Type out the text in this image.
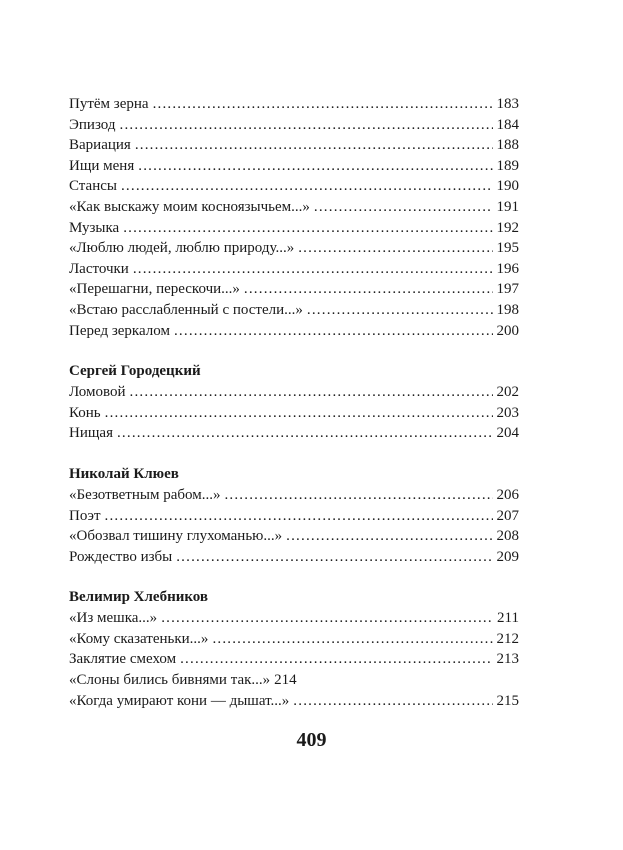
Путём зерна .....	183
Эпизод .....	184
Вариация .....	188
Ищи меня .....	189
Стансы .....	190
«Как выскажу моим косноязычьем...» .....	191
Музыка .....	192
«Люблю людей, люблю природу...» .....	195
Ласточки .....	196
«Перешагни, перескочи...» .....	197
«Встаю расслабленный с постели...» .....	198
Перед зеркалом .....	200
Сергей Городецкий
Ломовой .....	202
Конь .....	203
Нищая .....	204
Николай Клюев
«Безответным рабом...» .....	206
Поэт .....	207
«Обозвал тишину глухоманью...» .....	208
Рождество избы .....	209
Велимир Хлебников
«Из мешка...» .....	211
«Кому сказатеньки...» .....	212
Заклятие смехом .....	213
«Слоны бились бивнями так...» 214
«Когда умирают кони — дышат...» .....	215
409
